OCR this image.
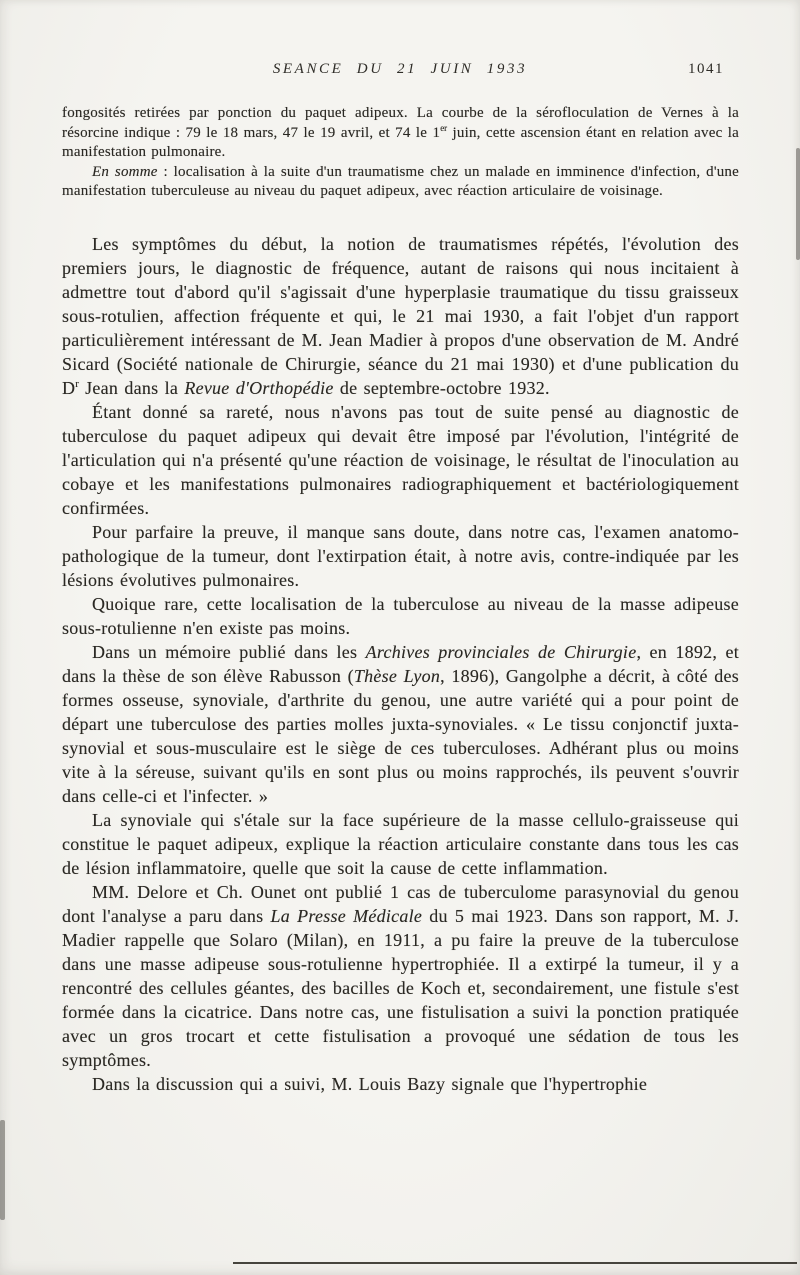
SEANCE DU 21 JUIN 1933	1041

fongosités retirées par ponction du paquet adipeux. La courbe de la sérofloculation de Vernes à la résorcine indique : 79 le 18 mars, 47 le 19 avril, et 74 le 1er juin, cette ascension étant en relation avec la manifestation pulmonaire.

En somme : localisation à la suite d'un traumatisme chez un malade en imminence d'infection, d'une manifestation tuberculeuse au niveau du paquet adipeux, avec réaction articulaire de voisinage.

Les symptômes du début, la notion de traumatismes répétés, l'évolution des premiers jours, le diagnostic de fréquence, autant de raisons qui nous incitaient à admettre tout d'abord qu'il s'agissait d'une hyperplasie traumatique du tissu graisseux sous-rotulien, affection fréquente et qui, le 21 mai 1930, a fait l'objet d'un rapport particulièrement intéressant de M. Jean Madier à propos d'une observation de M. André Sicard (Société nationale de Chirurgie, séance du 21 mai 1930) et d'une publication du $D^r$ Jean dans la Revue d'Orthopédie de septembre-octobre 1932.

Étant donné sa rareté, nous n'avons pas tout de suite pensé au diagnostic de tuberculose du paquet adipeux qui devait être imposé par l'évolution, l'intégrité de l'articulation qui n'a présenté qu'une réaction de voisinage, le résultat de l'inoculation au cobaye et les manifestations pulmonaires radiographiquement et bactériologiquement confirmées.

Pour parfaire la preuve, il manque sans doute, dans notre cas, l'examen anatomo-pathologique de la tumeur, dont l'extirpation était, à notre avis, contre-indiquée par les lésions évolutives pulmonaires.

Quoique rare, cette localisation de la tuberculose au niveau de la masse adipeuse sous-rotulienne n'en existe pas moins.

Dans un mémoire publié dans les Archives provinciales de Chirurgie, en 1892, et dans la thèse de son élève Rabusson (Thèse Lyon, 1896), Gangolphe a décrit, à côté des formes osseuse, synoviale, d'arthrite du genou, une autre variété qui a pour point de départ une tuberculose des parties molles juxta-synoviales. « Le tissu conjonctif juxta-synovial et sous-musculaire est le siège de ces tuberculoses. Adhérant plus ou moins vite à la séreuse, suivant qu'ils en sont plus ou moins rapprochés, ils peuvent s'ouvrir dans celle-ci et l'infecter. »

La synoviale qui s'étale sur la face supérieure de la masse cellulo-graisseuse qui constitue le paquet adipeux, explique la réaction articulaire constante dans tous les cas de lésion inflammatoire, quelle que soit la cause de cette inflammation.

MM. Delore et Ch. Ounet ont publié 1 cas de tuberculome parasynovial du genou dont l'analyse a paru dans La Presse Médicale du 5 mai 1923. Dans son rapport, M. J. Madier rappelle que Solaro (Milan), en 1911, a pu faire la preuve de la tuberculose dans une masse adipeuse sous-rotulienne hypertrophiée. Il a extirpé la tumeur, il y a rencontré des cellules géantes, des bacilles de Koch et, secondairement, une fistule s'est formée dans la cicatrice. Dans notre cas, une fistulisation a suivi la ponction pratiquée avec un gros trocart et cette fistulisation a provoqué une sédation de tous les symptômes.

Dans la discussion qui a suivi, M. Louis Bazy signale que l'hypertrophie
